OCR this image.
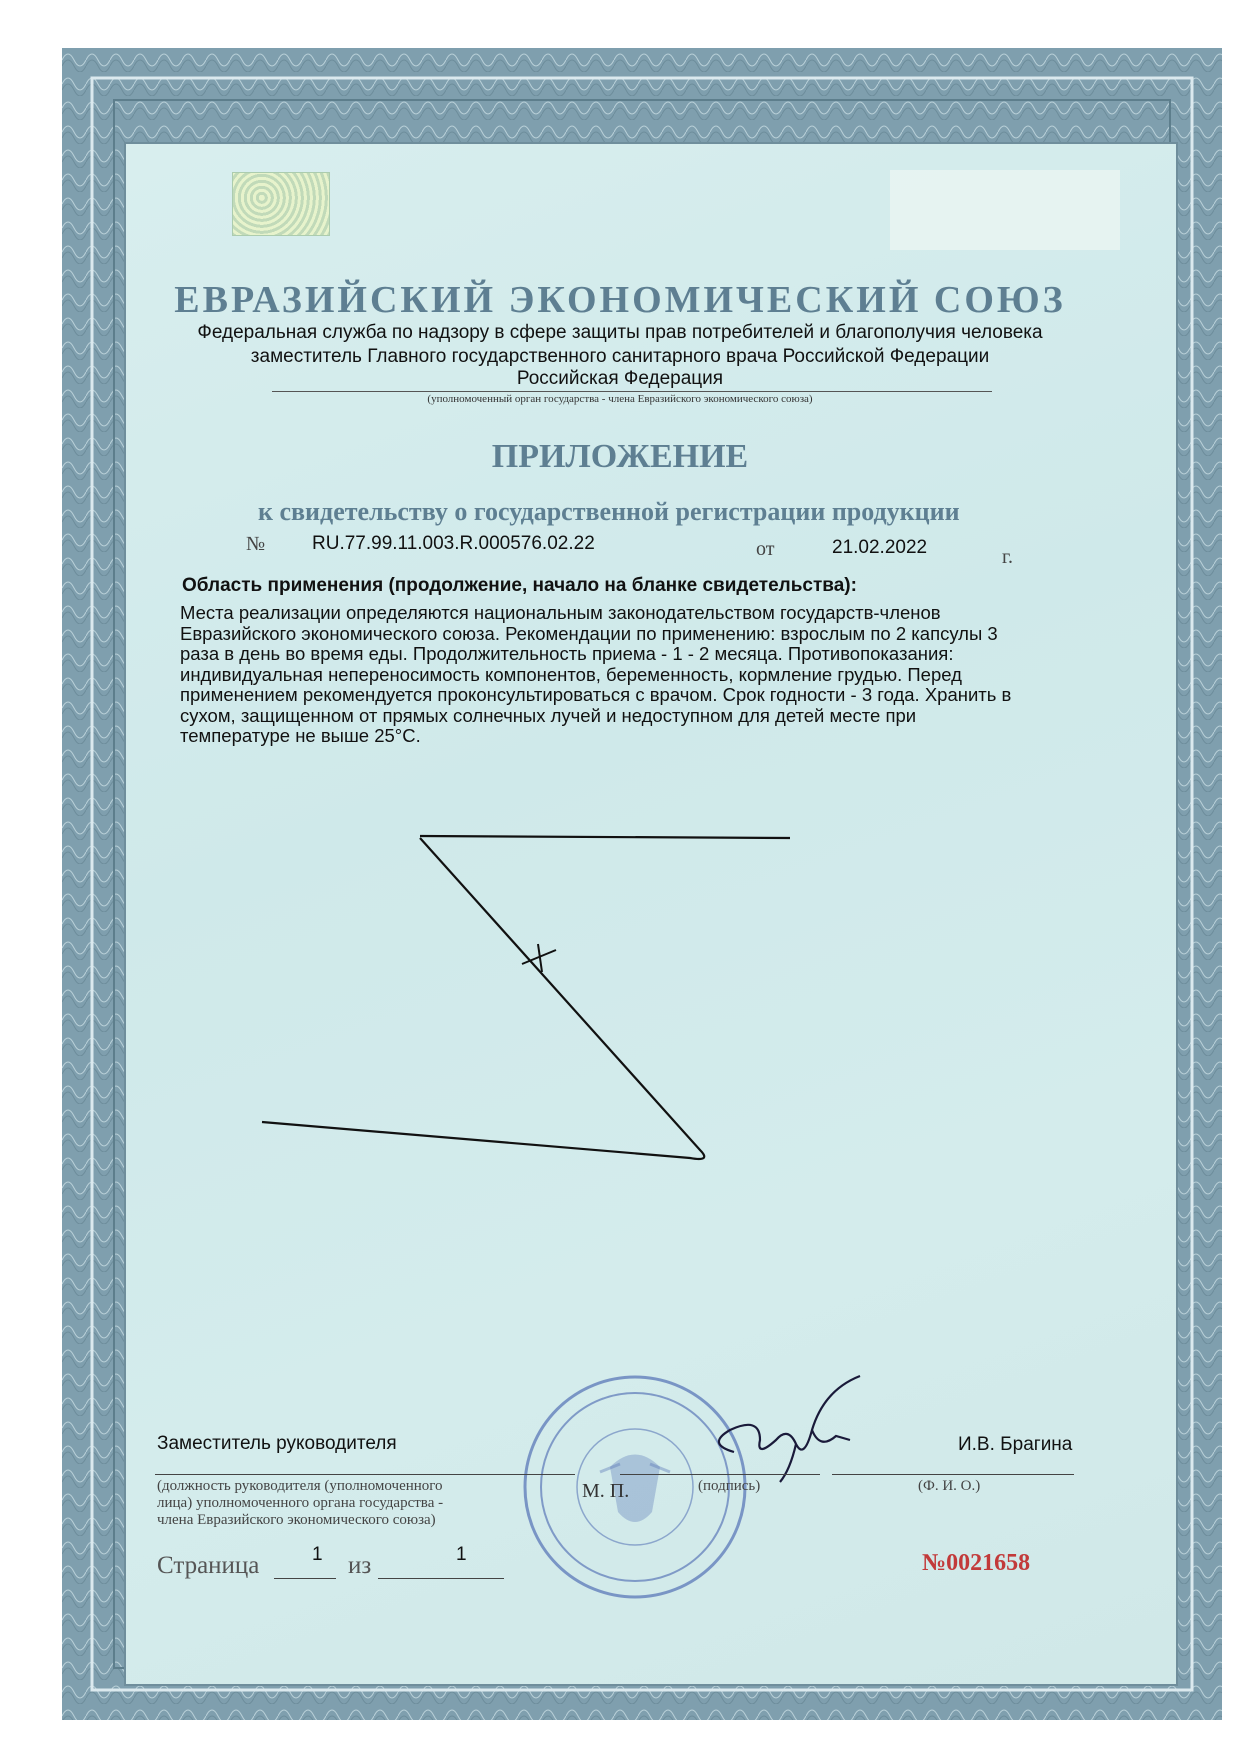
ЕВРАЗИЙСКИЙ ЭКОНОМИЧЕСКИЙ СОЮЗ
Федеральная служба по надзору в сфере защиты прав потребителей и благополучия человека
заместитель Главного государственного санитарного врача Российской Федерации
Российская Федерация
(уполномоченный орган государства - члена Евразийского экономического союза)
ПРИЛОЖЕНИЕ
к свидетельству о государственной регистрации продукции
№ RU.77.99.11.003.R.000576.02.22	от	21.02.2022	г.
Область применения (продолжение, начало на бланке свидетельства):
Места реализации определяются национальным законодательством государств-членов
Евразийского экономического союза. Рекомендации по применению: взрослым по 2 капсулы 3
раза в день во время еды. Продолжительность приема - 1 - 2 месяца. Противопоказания:
индивидуальная непереносимость компонентов, беременность, кормление грудью. Перед
применением рекомендуется проконсультироваться с врачом. Срок годности - 3 года. Хранить в
сухом, защищенном от прямых солнечных лучей и недоступном для детей месте при
температуре не выше 25°С.
Заместитель руководителя	И.В. Брагина
(должность руководителя (уполномоченного
лица) уполномоченного органа государства -
члена Евразийского экономического союза)
М. П.	(подпись)	(Ф. И. О.)
Страница	1 из	1	№0021658
